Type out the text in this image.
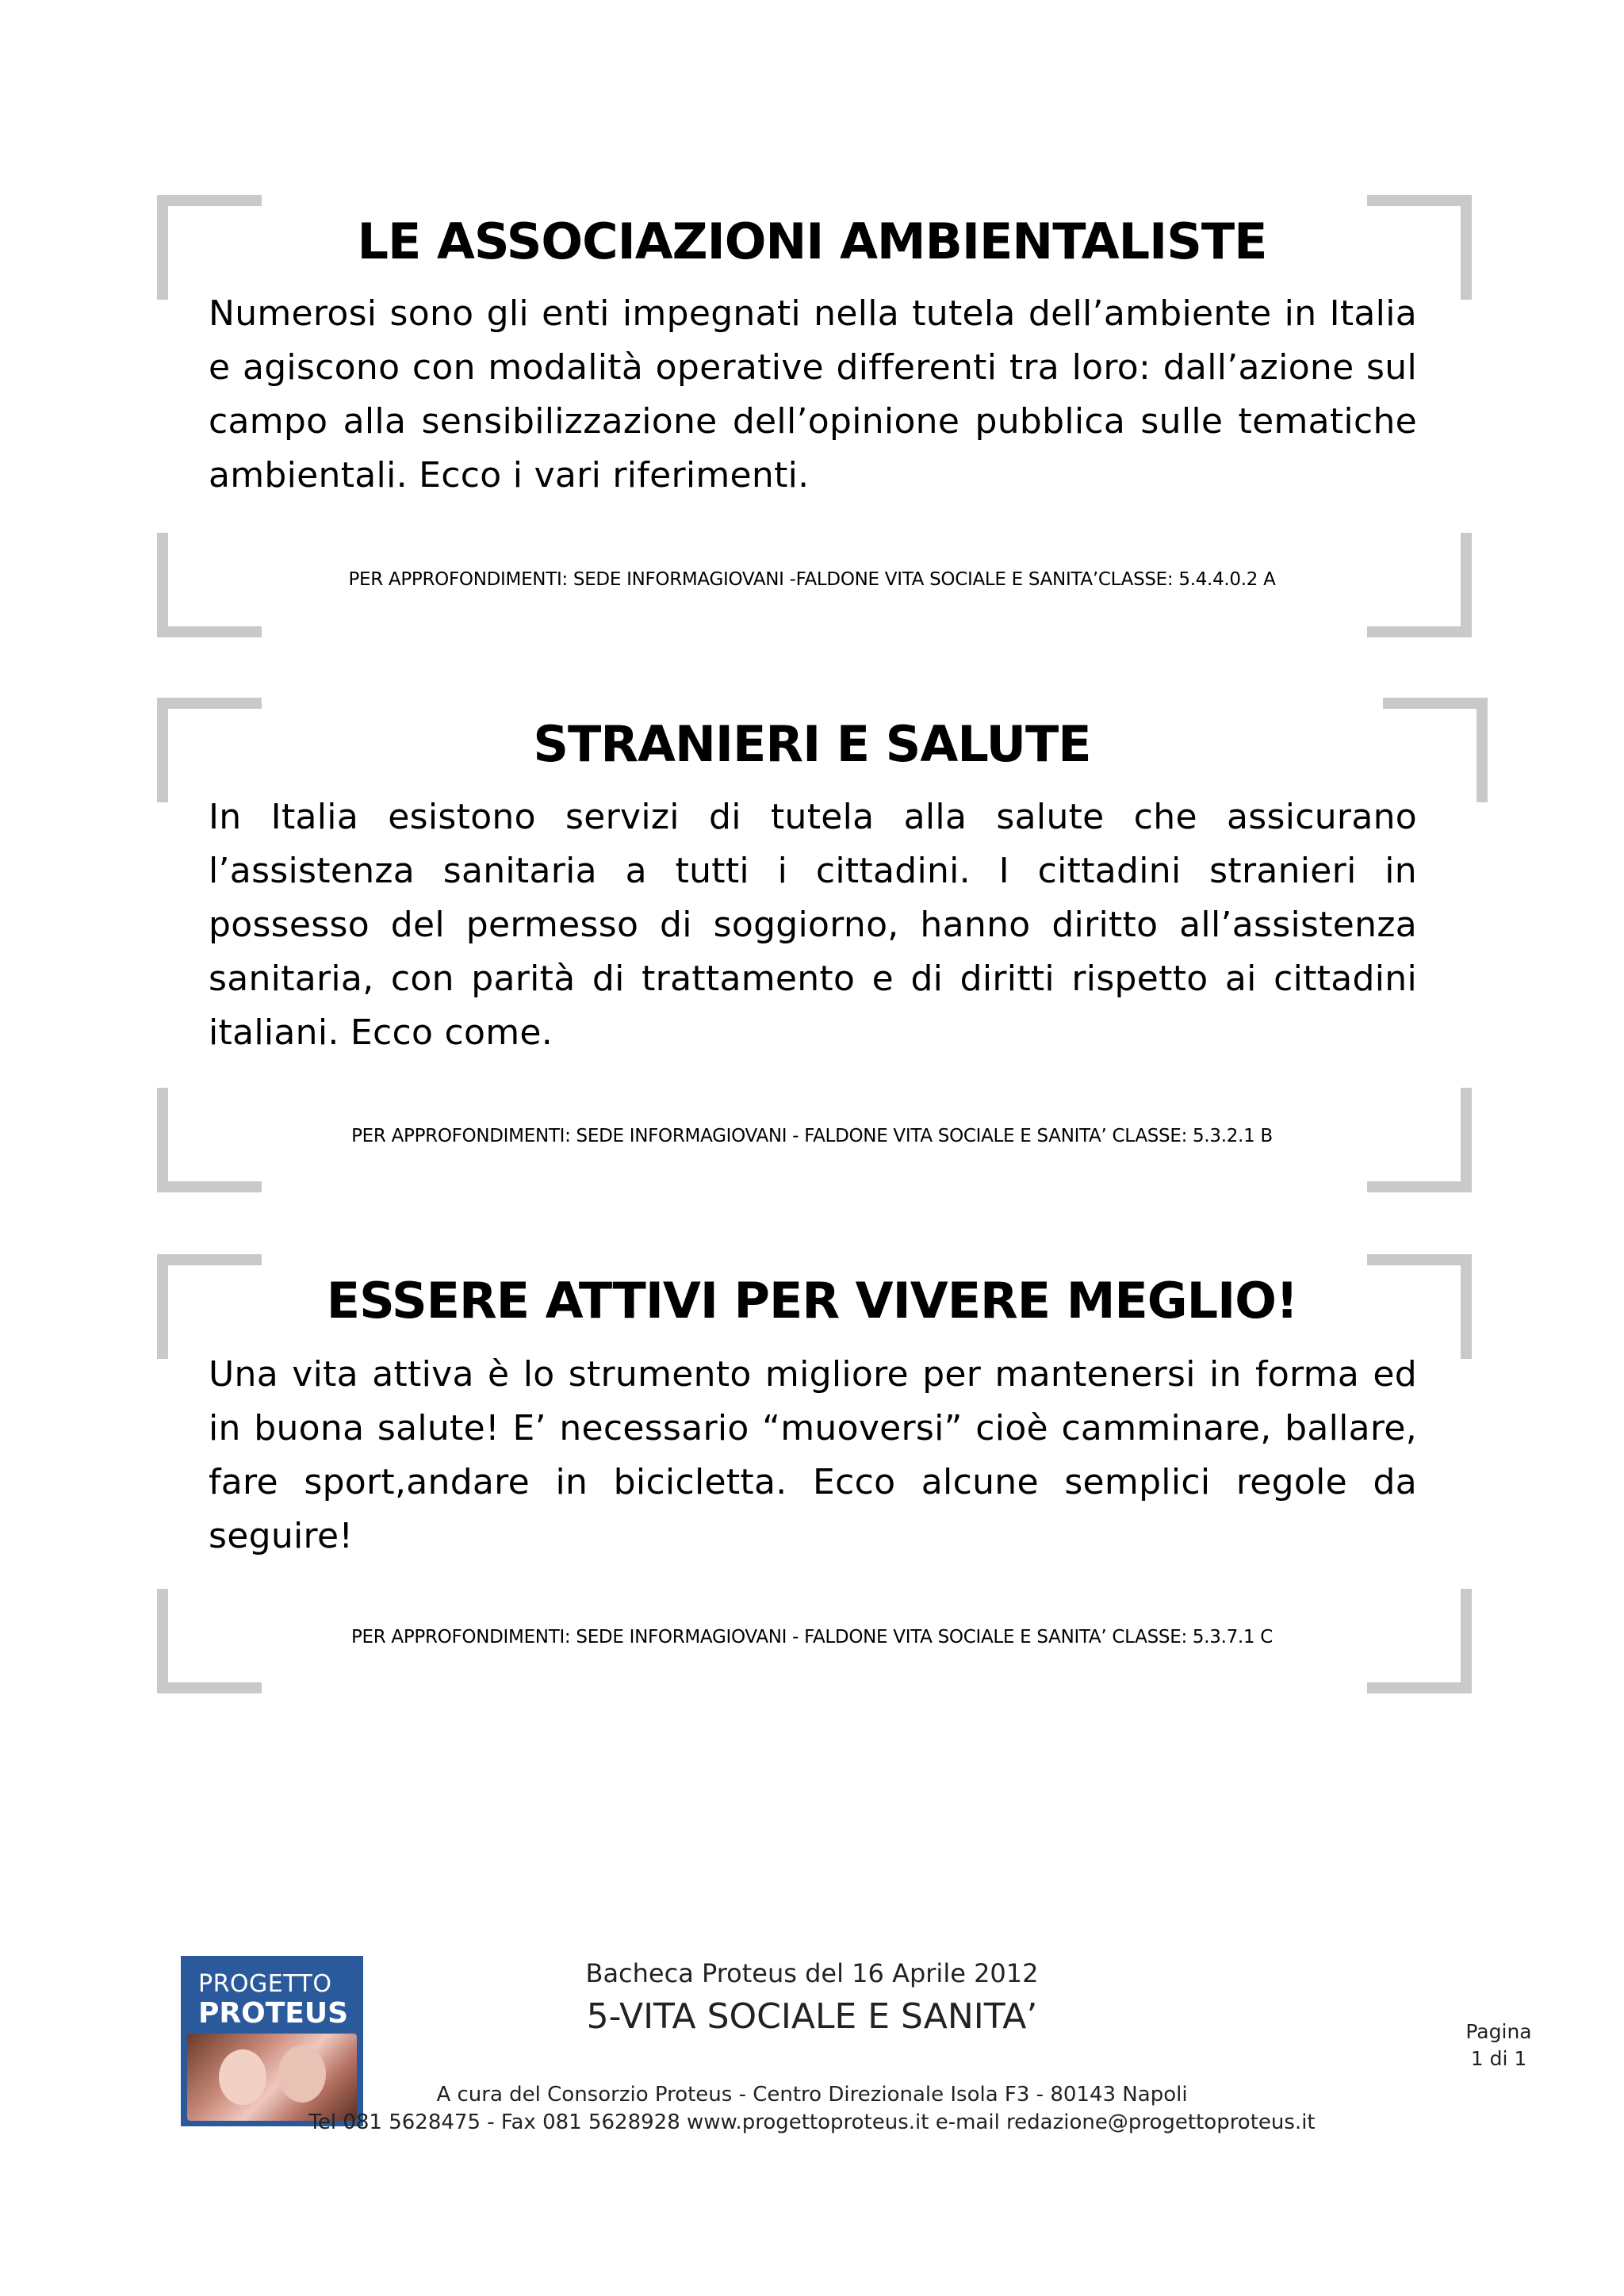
LE ASSOCIAZIONI AMBIENTALISTE

Numerosi sono gli enti impegnati nella tutela dell’ambiente in Italia e agiscono con modalità operative differenti tra loro: dall’azione sul campo alla sensibilizzazione dell’opinione pubblica sulle tematiche ambientali. Ecco i vari riferimenti.

PER APPROFONDIMENTI: SEDE INFORMAGIOVANI -FALDONE VITA SOCIALE E SANITA’CLASSE: 5.4.4.0.2 A

STRANIERI E SALUTE

In Italia esistono servizi di tutela alla salute che assicurano l’assistenza sanitaria a tutti i cittadini. I cittadini stranieri in possesso del permesso di soggiorno, hanno diritto all’assistenza sanitaria, con parità di trattamento e di diritti rispetto ai cittadini italiani. Ecco come.

PER APPROFONDIMENTI: SEDE INFORMAGIOVANI - FALDONE VITA SOCIALE E SANITA’ CLASSE: 5.3.2.1 B

ESSERE ATTIVI PER VIVERE MEGLIO!

Una vita attiva è lo strumento migliore per mantenersi in forma ed in buona salute! E’ necessario “muoversi” cioè camminare, ballare, fare sport,andare in bicicletta. Ecco alcune semplici regole da seguire!

PER APPROFONDIMENTI: SEDE INFORMAGIOVANI - FALDONE VITA SOCIALE E SANITA’ CLASSE: 5.3.7.1 C

PROGETTO
PROTEUS

Bacheca Proteus del 16 Aprile 2012

5-VITA SOCIALE E SANITA’

A cura del Consorzio Proteus - Centro Direzionale Isola F3 - 80143 Napoli

Tel 081 5628475 - Fax 081 5628928 www.progettoproteus.it e-mail redazione@progettoproteus.it

Pagina
1 di 1
